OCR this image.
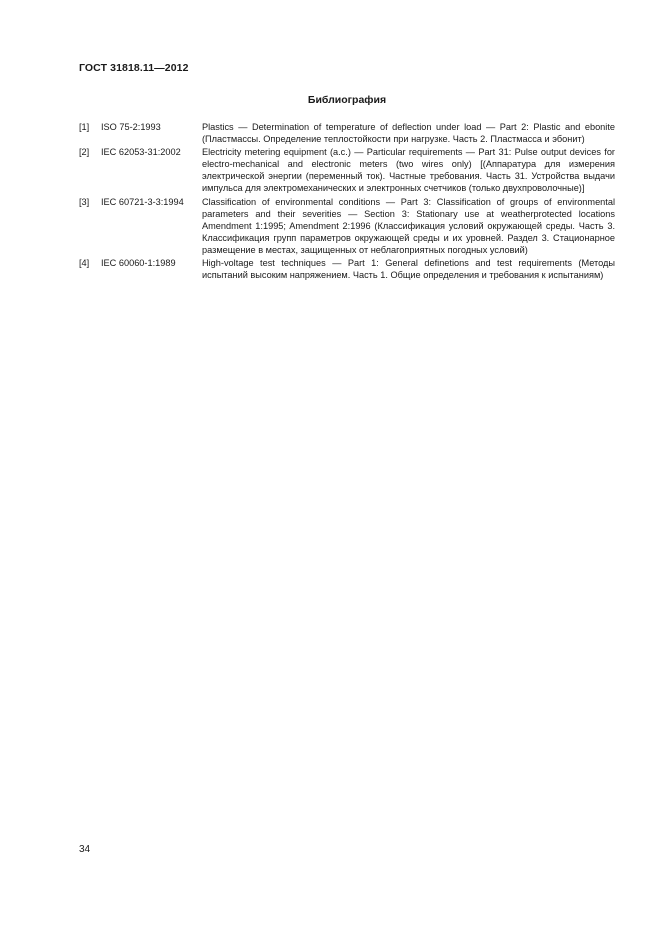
ГОСТ 31818.11—2012
Библиография
[1]	ISO 75-2:1993	Plastics — Determination of temperature of deflection under load — Part 2: Plastic and ebonite (Пластмассы. Определение теплостойкости при нагрузке. Часть 2. Пластмасса и эбонит)
[2]	IEC 62053-31:2002	Electricity metering equipment (a.c.) — Particular requirements — Part 31: Pulse output devices for electro-mechanical and electronic meters (two wires only) [(Аппаратура для измерения электрической энергии (переменный ток). Частные требования. Часть 31. Устройства выдачи импульса для электромеханических и электронных счетчиков (только двухпроволочные)]
[3]	IEC 60721-3-3:1994	Classification of environmental conditions — Part 3: Classification of groups of environmental parameters and their severities — Section 3: Stationary use at weatherprotected locations Amendment 1:1995; Amendment 2:1996 (Классификация условий окружающей среды. Часть 3. Классификация групп параметров окружающей среды и их уровней. Раздел 3. Стационарное размещение в местах, защищенных от неблагоприятных погодных условий)
[4]	IEC 60060-1:1989	High-voltage test techniques — Part 1: General definetions and test requirements (Методы испытаний высоким напряжением. Часть 1. Общие определения и требования к испытаниям)
34
